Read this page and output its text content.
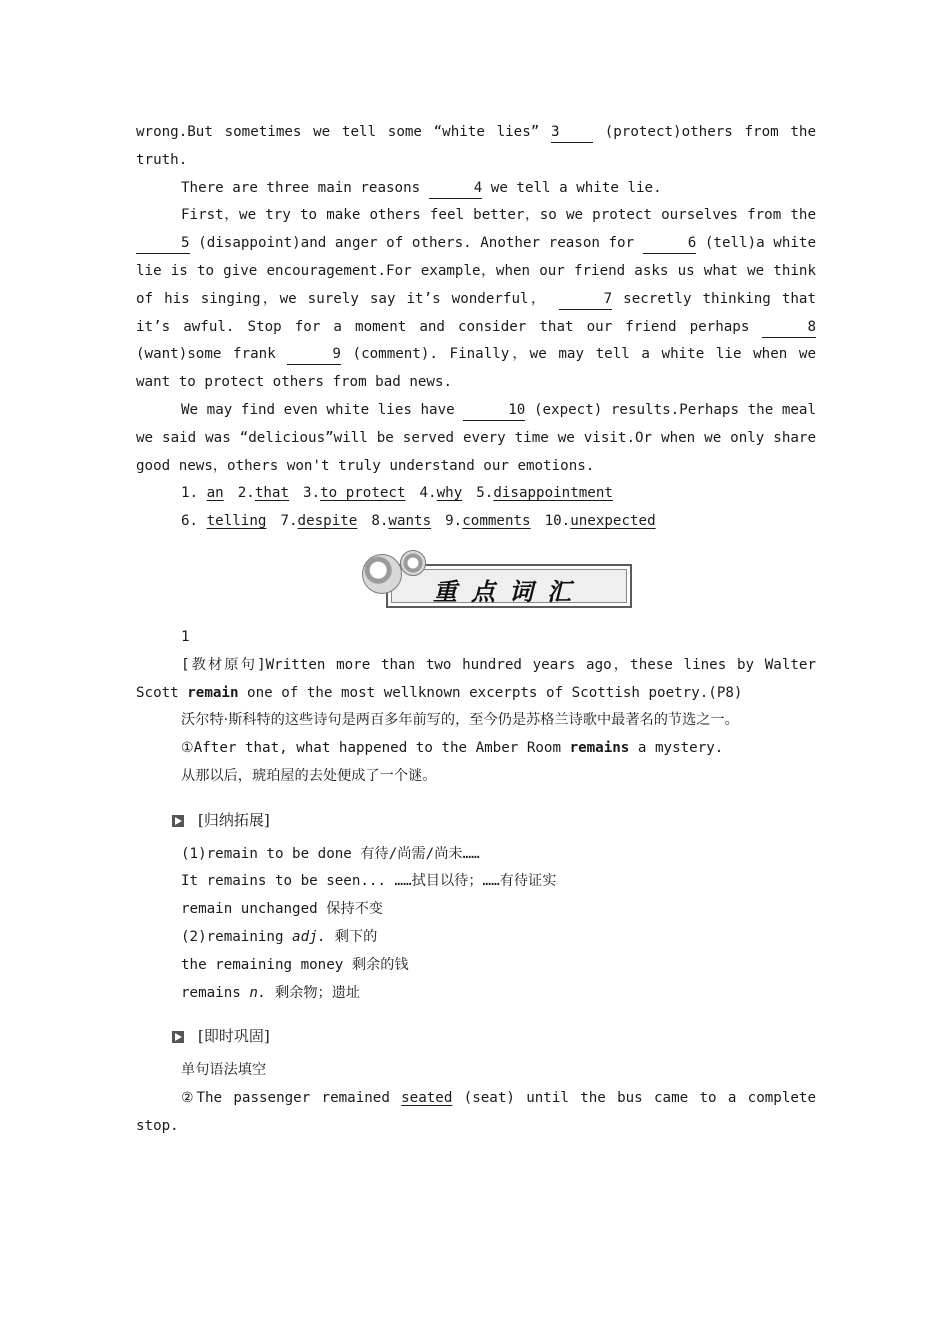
wrong.But sometimes we tell some “white lies” 3 (protect)others from the truth.

There are three main reasons	4 we tell a white lie.

First，we try to make others feel better，so we protect ourselves from the 5 (disappoint)and anger of others. Another reason for	6 (tell)a white lie is to give encouragement.For example，when our friend asks us what we think of his singing，we surely say it’s wonderful，	7 secretly thinking that it’s awful. Stop for a moment and consider that our friend perhaps	8 (want)some frank	9 (comment). Finally，we may tell a white lie when we want to protect others from bad news.

We may find even white lies have	10 (expect) results.Perhaps the meal we said was “delicious”will be served every time we visit.Or when we only share good news，others won't truly understand our emotions.

1. an 2.that 3.to protect 4.why 5.disappointment

6. telling 7.despite 8.wants 9.comments 10.unexpected

重点词汇

1

[教材原句]Written more than two hundred years ago，these lines by Walter Scott remain one of the most wellknown excerpts of Scottish poetry.(P8)

沃尔特·斯科特的这些诗句是两百多年前写的，至今仍是苏格兰诗歌中最著名的节选之一。

①After that, what happened to the Amber Room remains a mystery.

从那以后，琥珀屋的去处便成了一个谜。

[归纳拓展]

(1)remain to be done 有待/尚需/尚未……

It remains to be seen... ……拭目以待；……有待证实

remain unchanged 保持不变

(2)remaining adj. 剩下的

the remaining money 剩余的钱

remains n. 剩余物；遗址

[即时巩固]

单句语法填空

②The passenger remained seated (seat) until the bus came to a complete stop.
